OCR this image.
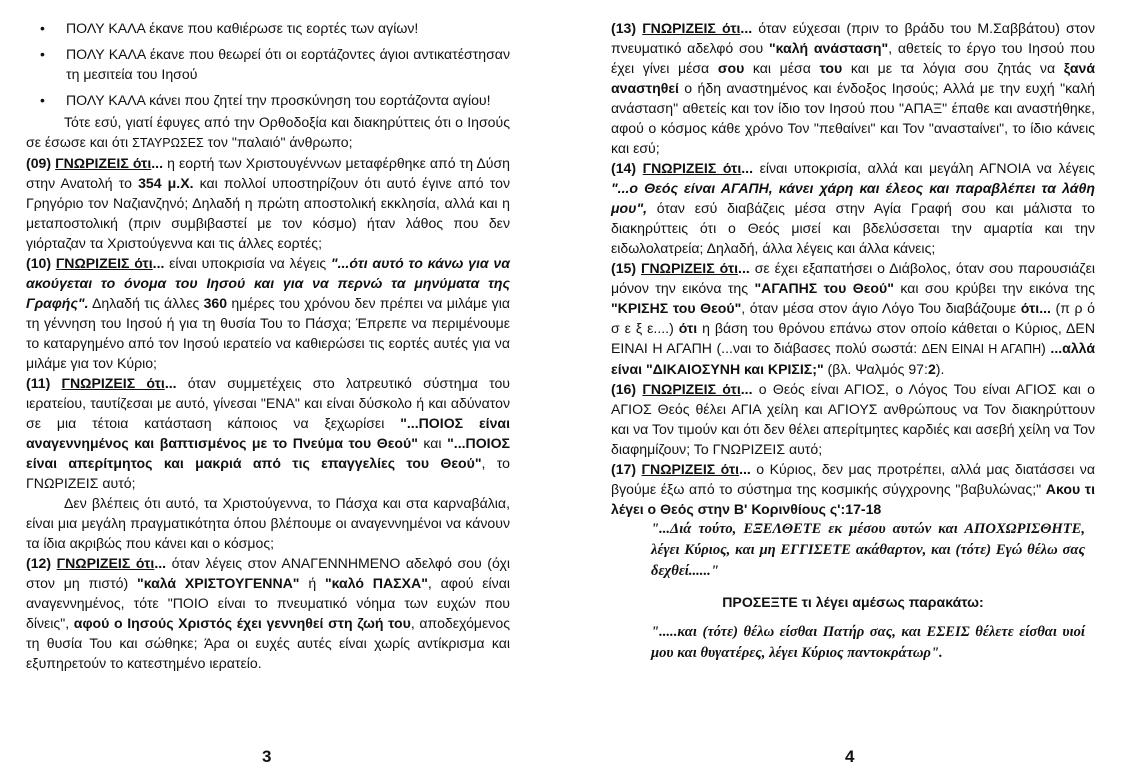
• ΠΟΛΥ ΚΑΛΑ έκανε που καθιέρωσε τις εορτές των αγίων!
• ΠΟΛΥ ΚΑΛΑ έκανε που θεωρεί ότι οι εορτάζοντες άγιοι αντικατέστησαν τη μεσιτεία του Ιησού
• ΠΟΛΥ ΚΑΛΑ κάνει που ζητεί την προσκύνηση του εορτάζοντα αγίου!

Τότε εσύ, γιατί έφυγες από την Ορθοδοξία και διακηρύττεις ότι ο Ιησούς σε έσωσε και ότι ΣΤΑΥΡΩΣΕΣ τον "παλαιό" άνθρωπο;

(09) ΓΝΩΡΙΖΕΙΣ ότι... η εορτή των Χριστουγέννων μεταφέρθηκε από τη Δύση στην Ανατολή το 354 μ.Χ. και πολλοί υποστηρίζουν ότι αυτό έγινε από τον Γρηγόριο τον Ναζιανζηνό; Δηλαδή η πρώτη αποστολική εκκλησία, αλλά και η μεταποστολική (πριν συμβιβαστεί με τον κόσμο) ήταν λάθος που δεν γιόρταζαν τα Χριστούγεννα και τις άλλες εορτές;

(10) ΓΝΩΡΙΖΕΙΣ ότι... είναι υποκρισία να λέγεις "...ότι αυτό το κάνω για να ακούγεται το όνομα του Ιησού και για να περνώ τα μηνύματα της Γραφής". Δηλαδή τις άλλες 360 ημέρες του χρόνου δεν πρέπει να μιλάμε για τη γέννηση του Ιησού ή για τη θυσία Του το Πάσχα; Έπρεπε να περιμένουμε το καταργημένο από τον Ιησού ιερατείο να καθιερώσει τις εορτές αυτές για να μιλάμε για τον Κύριο;

(11) ΓΝΩΡΙΖΕΙΣ ότι... όταν συμμετέχεις στο λατρευτικό σύστημα του ιερατείου, ταυτίζεσαι με αυτό, γίνεσαι "ΕΝΑ" και είναι δύσκολο ή και αδύνατον σε μια τέτοια κατάσταση κάποιος να ξεχωρίσει "...ΠΟΙΟΣ είναι αναγεννημένος και βαπτισμένος με το Πνεύμα του Θεού" και "...ΠΟΙΟΣ είναι απερίτμητος και μακριά από τις επαγγελίες του Θεού", το ΓΝΩΡΙΖΕΙΣ αυτό;

Δεν βλέπεις ότι αυτό, τα Χριστούγεννα, το Πάσχα και στα καρναβάλια, είναι μια μεγάλη πραγματικότητα όπου βλέπουμε οι αναγεννημένοι να κάνουν τα ίδια ακριβώς που κάνει και ο κόσμος;

(12) ΓΝΩΡΙΖΕΙΣ ότι... όταν λέγεις στον ΑΝΑΓΕΝΝΗΜΕΝΟ αδελφό σου (όχι στον μη πιστό) "καλά ΧΡΙΣΤΟΥΓΕΝΝΑ" ή "καλό ΠΑΣΧΑ", αφού είναι αναγεννημένος, τότε "ΠΟΙΟ είναι το πνευματικό νόημα των ευχών που δίνεις", αφού ο Ιησούς Χριστός έχει γεννηθεί στη ζωή του, αποδεχόμενος τη θυσία Του και σώθηκε; Άρα οι ευχές αυτές είναι χωρίς αντίκρισμα και εξυπηρετούν το κατεστημένο ιερατείο.

3

(13) ΓΝΩΡΙΖΕΙΣ ότι... όταν εύχεσαι (πριν το βράδυ του Μ.Σαββάτου) στον πνευματικό αδελφό σου "καλή ανάσταση", αθετείς το έργο του Ιησού που έχει γίνει μέσα σου και μέσα του και με τα λόγια σου ζητάς να ξανά αναστηθεί ο ήδη αναστημένος και ένδοξος Ιησούς; Αλλά με την ευχή "καλή ανάσταση" αθετείς και τον ίδιο τον Ιησού που "ΑΠΑΞ" έπαθε και αναστήθηκε, αφού ο κόσμος κάθε χρόνο Τον "πεθαίνει" και Τον "ανασταίνει", το ίδιο κάνεις και εσύ;

(14) ΓΝΩΡΙΖΕΙΣ ότι... είναι υποκρισία, αλλά και μεγάλη ΑΓΝΟΙΑ να λέγεις "...ο Θεός είναι ΑΓΑΠΗ, κάνει χάρη και έλεος και παραβλέπει τα λάθη μου", όταν εσύ διαβάζεις μέσα στην Αγία Γραφή σου και μάλιστα το διακηρύττεις ότι ο Θεός μισεί και βδελύσσεται την αμαρτία και την ειδωλολατρεία; Δηλαδή, άλλα λέγεις και άλλα κάνεις;

(15) ΓΝΩΡΙΖΕΙΣ ότι... σε έχει εξαπατήσει ο Διάβολος, όταν σου παρουσιάζει μόνον την εικόνα της "ΑΓΑΠΗΣ του Θεού" και σου κρύβει την εικόνα της "ΚΡΙΣΗΣ του Θεού", όταν μέσα στον άγιο Λόγο Του διαβάζουμε ότι... (π ρ ό σ ε ξ ε....) ότι η βάση του θρόνου επάνω στον οποίο κάθεται ο Κύριος, ΔΕΝ ΕΙΝΑΙ Η ΑΓΑΠΗ (...ναι το διάβασες πολύ σωστά: ΔΕΝ ΕΙΝΑΙ Η ΑΓΑΠΗ) ...αλλά είναι "ΔΙΚΑΙΟΣΥΝΗ και ΚΡΙΣΙΣ;" (βλ. Ψαλμός 97:2).

(16) ΓΝΩΡΙΖΕΙΣ ότι... ο Θεός είναι ΑΓΙΟΣ, ο Λόγος Του είναι ΑΓΙΟΣ και ο ΑΓΙΟΣ Θεός θέλει ΑΓΙΑ χείλη και ΑΓΙΟΥΣ ανθρώπους να Τον διακηρύττουν και να Τον τιμούν και ότι δεν θέλει απερίτμητες καρδιές και ασεβή χείλη να Τον διαφημίζουν; Το ΓΝΩΡΙΖΕΙΣ αυτό;

(17) ΓΝΩΡΙΖΕΙΣ ότι... ο Κύριος, δεν μας προτρέπει, αλλά μας διατάσσει να βγούμε έξω από το σύστημα της κοσμικής σύγχρονης "βαβυλώνας;" Ακου τι λέγει ο Θεός στην Β' Κορινθίους ς':17-18

"...Διά τούτο, ΕΞΕΛΘΕΤΕ εκ μέσου αυτών και ΑΠΟΧΩΡΙΣΘΗΤΕ, λέγει Κύριος, και μη ΕΓΓΙΣΕΤΕ ακάθαρτον, και (τότε) Εγώ θέλω σας δεχθεί......"

ΠΡΟΣΕΞΤΕ τι λέγει αμέσως παρακάτω:

".....και (τότε) θέλω είσθαι Πατήρ σας, και ΕΣΕΙΣ θέλετε είσθαι υιοί μου και θυγατέρες, λέγει Κύριος παντοκράτωρ".

4
